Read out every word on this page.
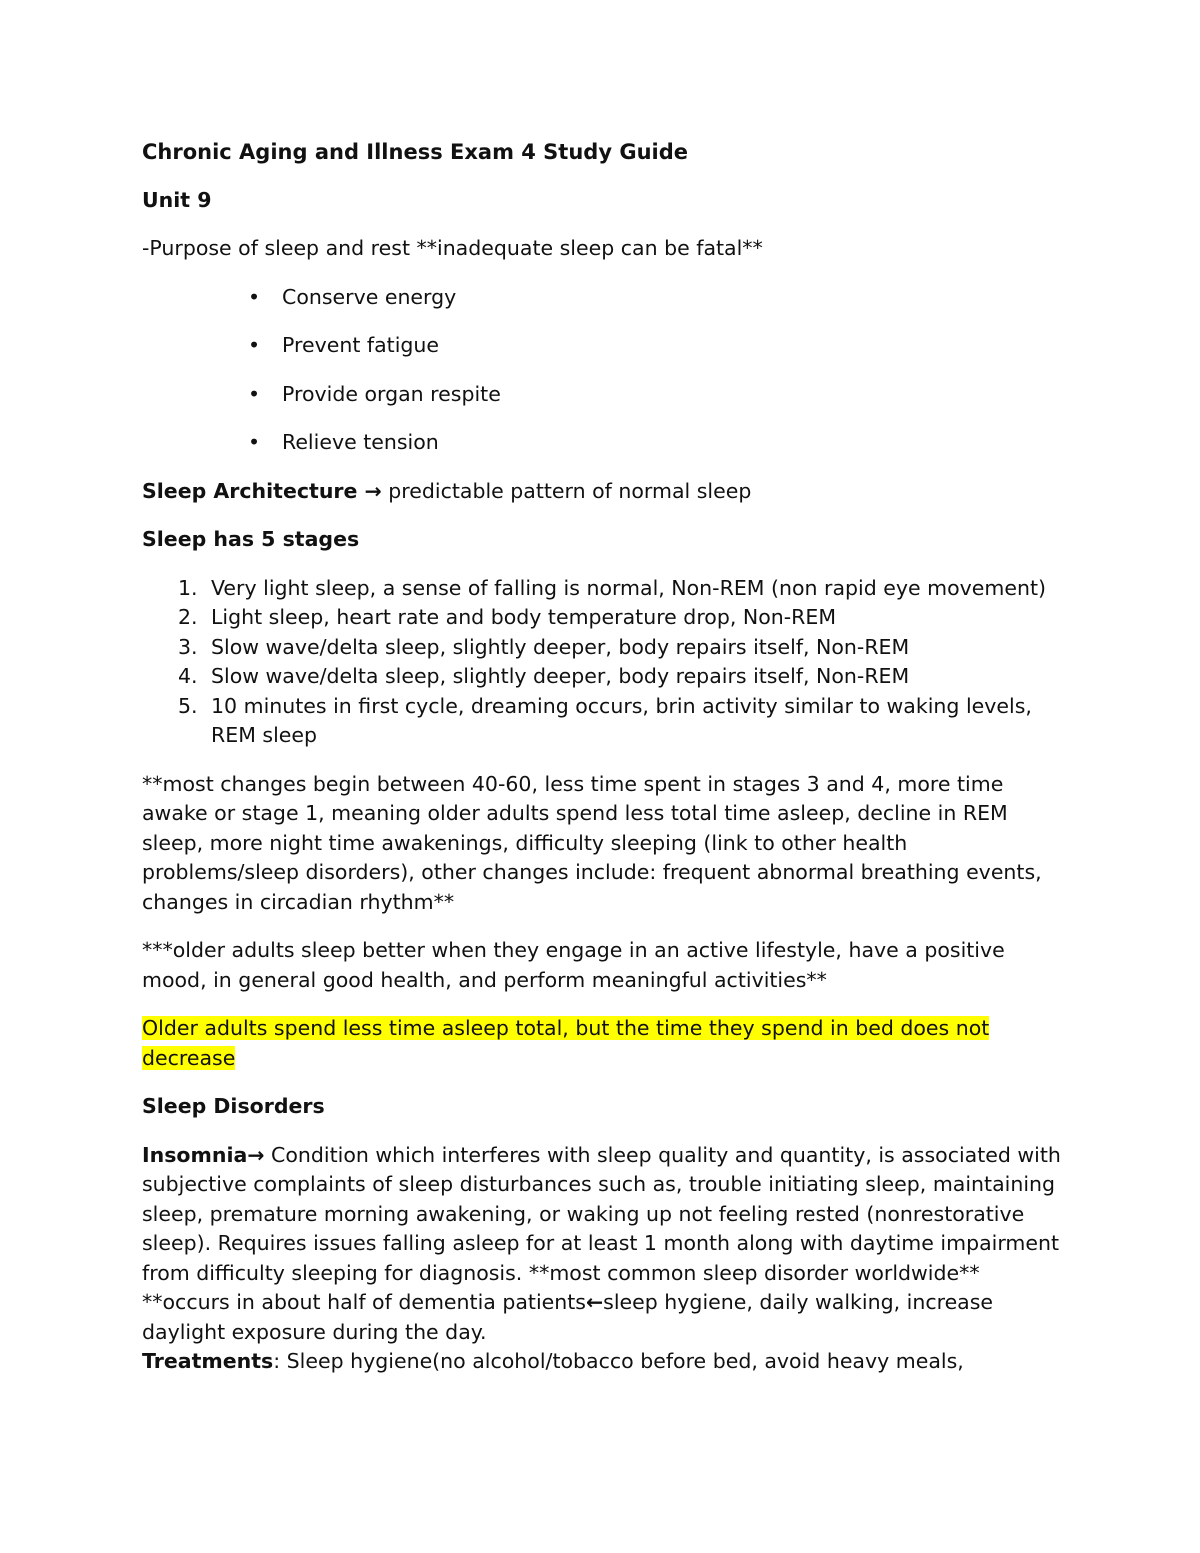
Chronic Aging and Illness Exam 4 Study Guide

Unit 9

-Purpose of sleep and rest **inadequate sleep can be fatal**

• Conserve energy
• Prevent fatigue
• Provide organ respite
• Relieve tension

Sleep Architecture → predictable pattern of normal sleep

Sleep has 5 stages

1. Very light sleep, a sense of falling is normal, Non-REM (non rapid eye movement)
2. Light sleep, heart rate and body temperature drop, Non-REM
3. Slow wave/delta sleep, slightly deeper, body repairs itself, Non-REM
4. Slow wave/delta sleep, slightly deeper, body repairs itself, Non-REM
5. 10 minutes in first cycle, dreaming occurs, brin activity similar to waking levels, REM sleep

**most changes begin between 40-60, less time spent in stages 3 and 4, more time awake or stage 1, meaning older adults spend less total time asleep, decline in REM sleep, more night time awakenings, difficulty sleeping (link to other health problems/sleep disorders), other changes include: frequent abnormal breathing events, changes in circadian rhythm**

***older adults sleep better when they engage in an active lifestyle, have a positive mood, in general good health, and perform meaningful activities**

Older adults spend less time asleep total, but the time they spend in bed does not decrease

Sleep Disorders

Insomnia→ Condition which interferes with sleep quality and quantity, is associated with subjective complaints of sleep disturbances such as, trouble initiating sleep, maintaining sleep, premature morning awakening, or waking up not feeling rested (nonrestorative sleep). Requires issues falling asleep for at least 1 month along with daytime impairment from difficulty sleeping for diagnosis. **most common sleep disorder worldwide** **occurs in about half of dementia patients←sleep hygiene, daily walking, increase daylight exposure during the day.
Treatments: Sleep hygiene(no alcohol/tobacco before bed, avoid heavy meals,
